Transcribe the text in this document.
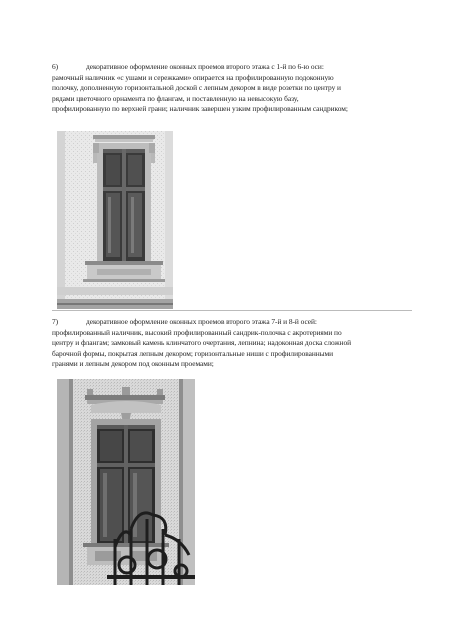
6)	декоративное оформление оконных проемов второго этажа с 1-й по 6-ю оси:
рамочный наличник «с ушами и сережками» опирается на профилированную подоконную
полочку, дополненную горизонтальной доской с лепным декором в виде розетки по центру и
рядами цветочного орнамента по флангам, и поставленную на невысокую базу,
профилированную по верхней грани; наличник завершен узким профилированным сандриком;
7)	декоративное оформление оконных проемов второго этажа 7-й и 8-й осей:
профилированный наличник, высокий профилированный сандрик-полочка с акротериями по
центру и флангам; замковый камень клинчатого очертания, лепнина; надоконная доска сложной
барочной формы, покрытая лепным декором; горизонтальные ниши с профилированными
гранями и лепным декором под оконным проемами;
